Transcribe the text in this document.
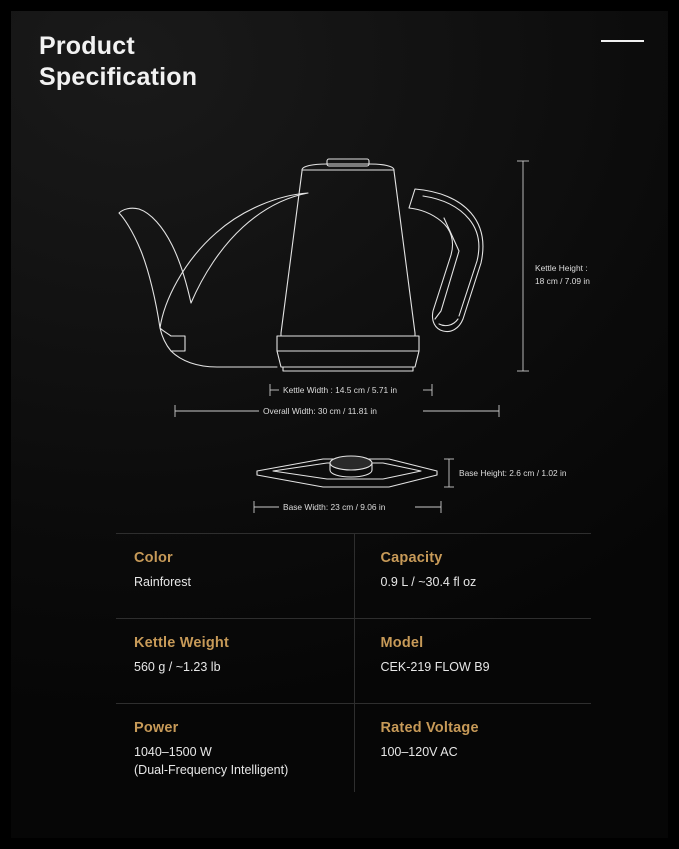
Product
Specification
Kettle Height :
18 cm / 7.09 in
Kettle Width : 14.5 cm / 5.71 in
Overall Width: 30 cm / 11.81 in
Base Height: 2.6 cm / 1.02 in
Base Width: 23 cm / 9.06 in
Color
Rainforest
Capacity
0.9 L / ~30.4 fl oz
Kettle Weight
560 g / ~1.23 lb
Model
CEK-219 FLOW B9
Power
1040–1500 W
(Dual-Frequency Intelligent)
Rated Voltage
100–120V AC
